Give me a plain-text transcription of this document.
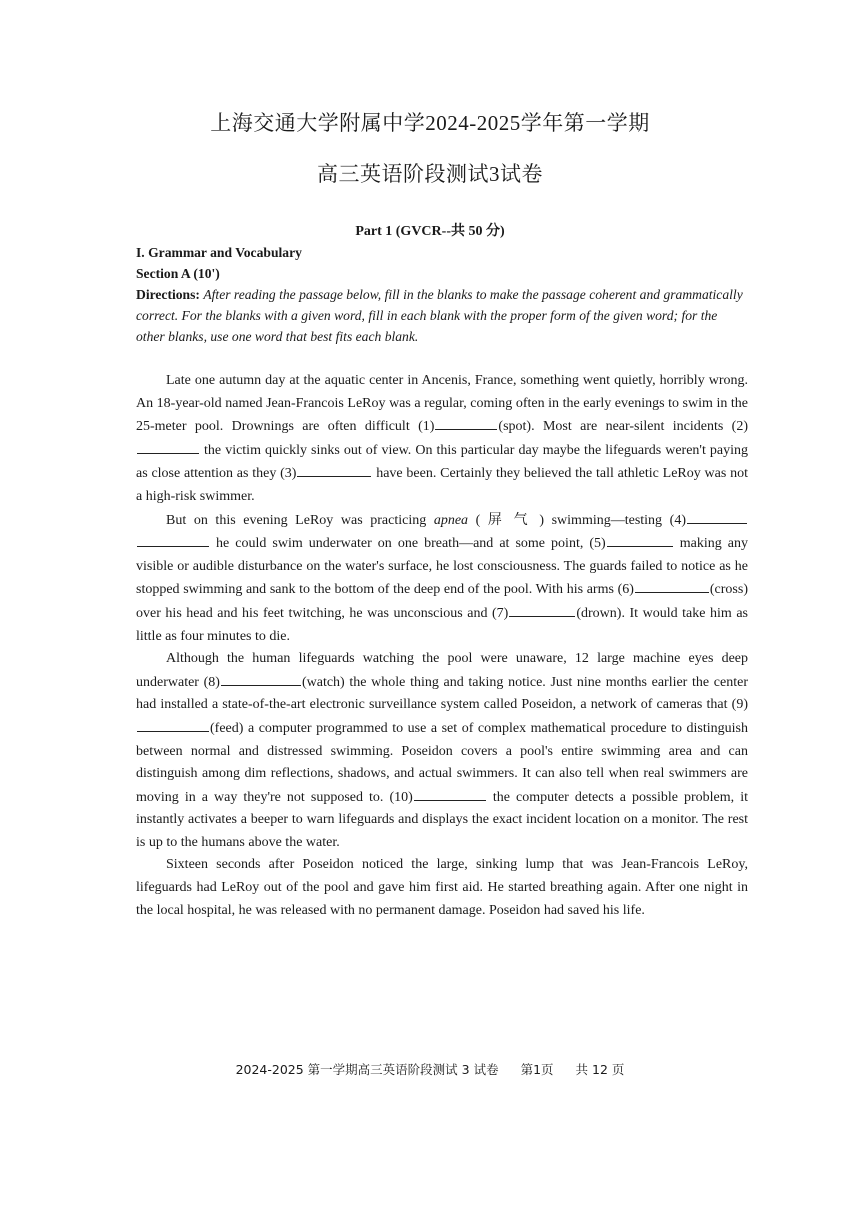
上海交通大学附属中学2024-2025学年第一学期
高三英语阶段测试3试卷
Part 1 (GVCR--共 50 分)
I. Grammar and Vocabulary
Section A (10')
Directions: After reading the passage below, fill in the blanks to make the passage coherent and grammatically correct. For the blanks with a given word, fill in each blank with the proper form of the given word; for the other blanks, use one word that best fits each blank.

Late one autumn day at the aquatic center in Ancenis, France, something went quietly, horribly wrong. An 18-year-old named Jean-Francois LeRoy was a regular, coming often in the early evenings to swim in the 25-meter pool. Drownings are often difficult (1)	(spot). Most are near-silent incidents (2) the victim quickly sinks out of view. On this particular day maybe the lifeguards weren't paying as close attention as they (3)	have been. Certainly they believed the tall athletic LeRoy was not a high-risk swimmer.

But on this evening LeRoy was practicing apnea ( 屏 气 ) swimming—testing (4)  he could swim underwater on one breath—and at some point, (5)	making any visible or audible disturbance on the water's surface, he lost consciousness. The guards failed to notice as he stopped swimming and sank to the bottom of the deep end of the pool. With his arms (6)	(cross) over his head and his feet twitching, he was unconscious and (7)	(drown). It would take him as little as four minutes to die.

Although the human lifeguards watching the pool were unaware, 12 large machine eyes deep underwater (8)	(watch) the whole thing and taking notice. Just nine months earlier the center had installed a state-of-the-art electronic surveillance system called Poseidon, a network of cameras that (9)(feed) a computer programmed to use a set of complex mathematical procedure to distinguish between normal and distressed swimming. Poseidon covers a pool's entire swimming area and can distinguish among dim reflections, shadows, and actual swimmers. It can also tell when real swimmers are moving in a way they're not supposed to. (10)	the computer detects a possible problem, it instantly activates a beeper to warn lifeguards and displays the exact incident location on a monitor. The rest is up to the humans above the water.

Sixteen seconds after Poseidon noticed the large, sinking lump that was Jean-Francois LeRoy, lifeguards had LeRoy out of the pool and gave him first aid. He started breathing again. After one night in the local hospital, he was released with no permanent damage. Poseidon had saved his life.

2024-2025 第一学期高三英语阶段测试 3 试卷 第1页 共 12 页
